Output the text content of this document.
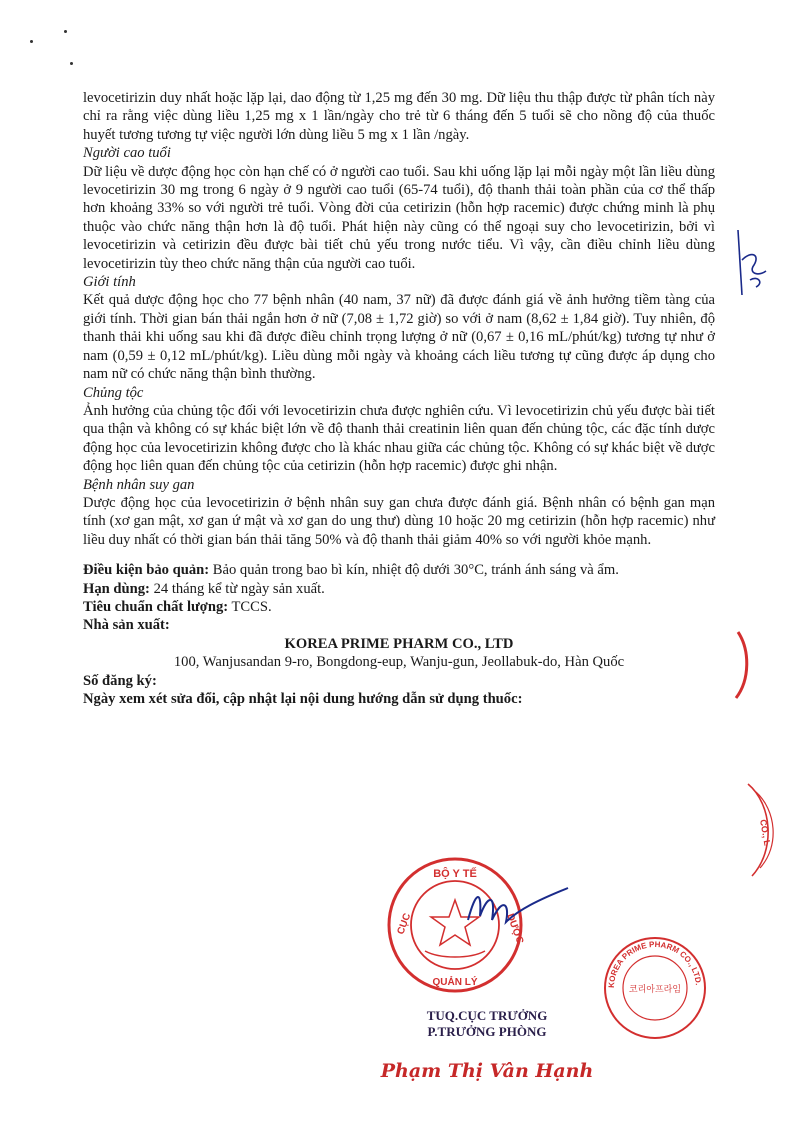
levocetirizin duy nhất hoặc lặp lại, dao động từ 1,25 mg đến 30 mg. Dữ liệu thu thập được từ phân tích này chỉ ra rằng việc dùng liều 1,25 mg x 1 lần/ngày cho trẻ từ 6 tháng đến 5 tuổi sẽ cho nồng độ của thuốc huyết tương tương tự việc người lớn dùng liều 5 mg x 1 lần /ngày.

Người cao tuổi

Dữ liệu về dược động học còn hạn chế có ở người cao tuổi. Sau khi uống lặp lại mỗi ngày một lần liều dùng levocetirizin 30 mg trong 6 ngày ở 9 người cao tuổi (65-74 tuổi), độ thanh thải toàn phần của cơ thể thấp hơn khoảng 33% so với người trẻ tuổi. Vòng đời của cetirizin (hỗn hợp racemic) được chứng minh là phụ thuộc vào chức năng thận hơn là độ tuổi. Phát hiện này cũng có thể ngoại suy cho levocetirizin, bởi vì levocetirizin và cetirizin đều được bài tiết chủ yếu trong nước tiểu. Vì vậy, cần điều chỉnh liều dùng levocetirizin tùy theo chức năng thận của người cao tuổi.

Giới tính

Kết quả dược động học cho 77 bệnh nhân (40 nam, 37 nữ) đã được đánh giá về ảnh hưởng tiềm tàng của giới tính. Thời gian bán thải ngắn hơn ở nữ (7,08 ± 1,72 giờ) so với ở nam (8,62 ± 1,84 giờ). Tuy nhiên, độ thanh thải khi uống sau khi đã được điều chỉnh trọng lượng ở nữ (0,67 ± 0,16 mL/phút/kg) tương tự như ở nam (0,59 ± 0,12 mL/phút/kg). Liều dùng mỗi ngày và khoảng cách liều tương tự cũng được áp dụng cho nam nữ có chức năng thận bình thường.

Chủng tộc

Ảnh hưởng của chủng tộc đối với levocetirizin chưa được nghiên cứu. Vì levocetirizin chủ yếu được bài tiết qua thận và không có sự khác biệt lớn về độ thanh thải creatinin liên quan đến chủng tộc, các đặc tính dược động học của levocetirizin không được cho là khác nhau giữa các chủng tộc. Không có sự khác biệt về dược động học liên quan đến chủng tộc của cetirizin (hỗn hợp racemic) được ghi nhận.

Bệnh nhân suy gan

Dược động học của levocetirizin ở bệnh nhân suy gan chưa được đánh giá. Bệnh nhân có bệnh gan mạn tính (xơ gan mật, xơ gan ứ mật và xơ gan do ung thư) dùng 10 hoặc 20 mg cetirizin (hỗn hợp racemic) như liều duy nhất có thời gian bán thải tăng 50% và độ thanh thải giảm 40% so với người khỏe mạnh.

Điều kiện bảo quản: Bảo quản trong bao bì kín, nhiệt độ dưới 30°C, tránh ánh sáng và ẩm.

Hạn dùng: 24 tháng kể từ ngày sản xuất.

Tiêu chuẩn chất lượng: TCCS.

Nhà sản xuất:

KOREA PRIME PHARM CO., LTD

100, Wanjusandan 9-ro, Bongdong-eup, Wanju-gun, Jeollabuk-do, Hàn Quốc

Số đăng ký:

Ngày xem xét sửa đổi, cập nhật lại nội dung hướng dẫn sử dụng thuốc:

CO., L
BỘ Y TẾ
CỤC
QUẢN LÝ
DƯỢC
TUQ.CỤC TRƯỞNG
P.TRƯỞNG PHÒNG
Phạm Thị Vân Hạnh
KOREA PRIME PHARM CO., LTD.
코리아프라임
